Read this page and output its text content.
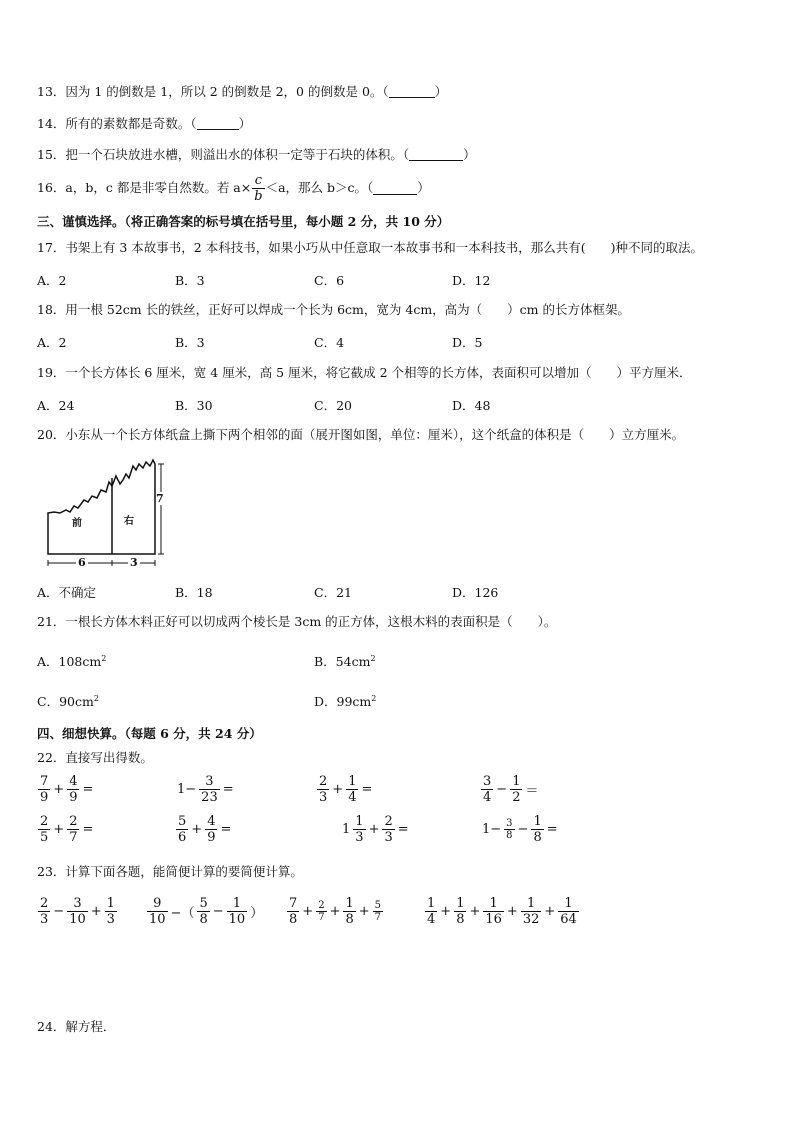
13．因为 1 的倒数是 1，所以 2 的倒数是 2，0 的倒数是 0。（	）
14．所有的素数都是奇数。（	）
15．把一个石块放进水槽，则溢出水的体积一定等于石块的体积。（	）
16．a，b，c 都是非零自然数。若 $a\times \frac{c}{b} <a$，那么 b＞c。（	）
三、谨慎选择。（将正确答案的标号填在括号里，每小题 2 分，共 10 分）
17．书架上有 3 本故事书，2 本科技书，如果小巧从中任意取一本故事书和一本科技书，那么共有(　　)种不同的取法。
A．2	B．3	C．6	D．12
18．用一根 52cm 长的铁丝，正好可以焊成一个长为 6cm，宽为 4cm，高为（　　）cm 的长方体框架。
A．2	B．3	C．4	D．5
19．一个长方体长 6 厘米，宽 4 厘米，高 5 厘米，将它截成 2 个相等的长方体，表面积可以增加（　　）平方厘米．
A．24	B．30	C．20	D．48
20．小东从一个长方体纸盒上撕下两个相邻的面（展开图如图，单位：厘米），这个纸盒的体积是（　　）立方厘米。
前	右
6	3
7
A．不确定	B．18	C．21	D．126
21．一根长方体木料正好可以切成两个棱长是 3cm 的正方体，这根木料的表面积是（　　）。
A．$108cm^2$	B．$54cm^2$
C．$90cm^2$	D．$99cm^2$
四、细想快算。（每题 6 分，共 24 分）
22．直接写出得数。
$\frac{7}{9} + \frac{4}{9}$ =	$1- \frac{3}{23}$ =	$\frac{2}{3} + \frac{1}{4}$ =	$\frac{3}{4} - \frac{1}{2}$ ＝
$\frac{2}{5} + \frac{2}{7}$ =	$\frac{5}{6} + \frac{4}{9}$ =	$1 \frac{1}{3} + \frac{2}{3}$ =	$1- \frac{3}{8} - \frac{1}{8}$ =
23．计算下面各题，能简便计算的要简便计算。
$\frac{2}{3} - \frac{3}{10} + \frac{1}{3} \frac{9}{10}$ −（ $\frac{5}{8} - \frac{1}{10}$ ） $\frac{7}{8} + \frac{2}{7} + \frac{1}{8} + \frac{5}{7}$	$\frac{1}{4} + \frac{1}{8} + \frac{1}{16} + \frac{1}{32} + \frac{1}{64}$
24．解方程．
